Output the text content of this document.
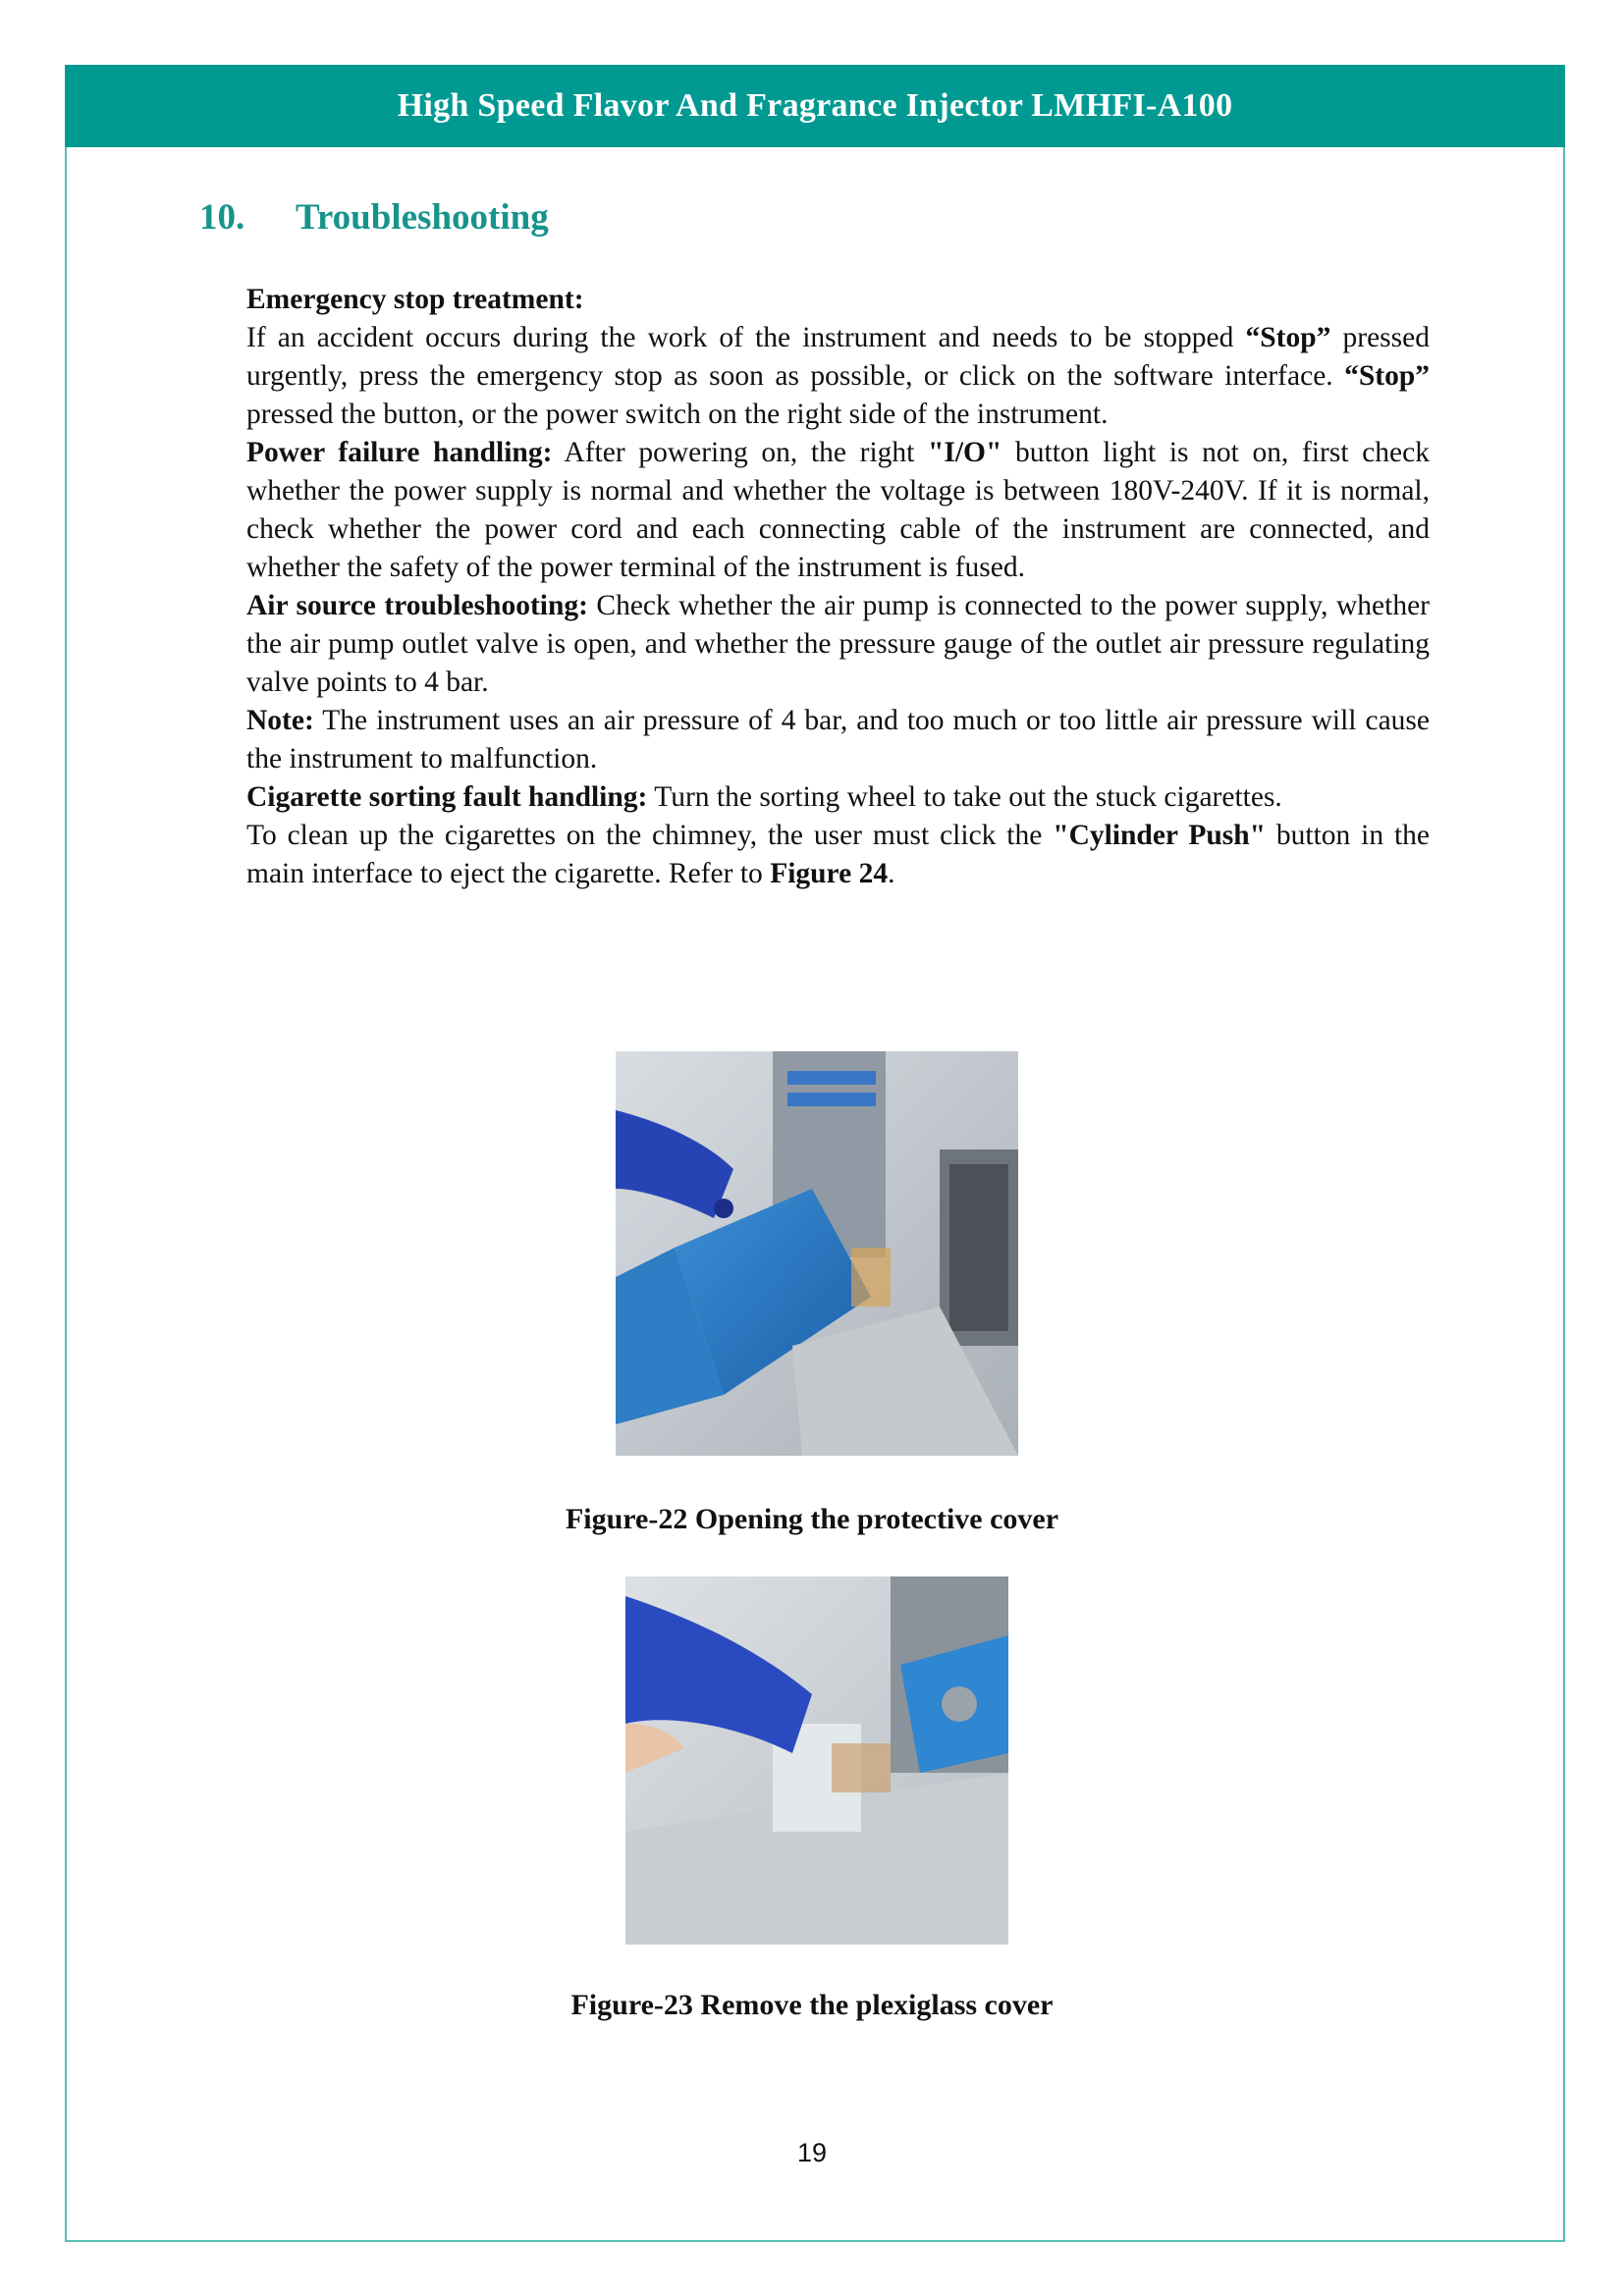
High Speed Flavor And Fragrance Injector LMHFI-A100
10. Troubleshooting

Emergency stop treatment:

If an accident occurs during the work of the instrument and needs to be stopped “Stop” pressed urgently, press the emergency stop as soon as possible, or click on the software interface. “Stop” pressed the button, or the power switch on the right side of the instrument.

Power failure handling: After powering on, the right "I/O" button light is not on, first check whether the power supply is normal and whether the voltage is between 180V-240V. If it is normal, check whether the power cord and each connecting cable of the instrument are connected, and whether the safety of the power terminal of the instrument is fused.

Air source troubleshooting: Check whether the air pump is connected to the power supply, whether the air pump outlet valve is open, and whether the pressure gauge of the outlet air pressure regulating valve points to 4 bar.

Note: The instrument uses an air pressure of 4 bar, and too much or too little air pressure will cause the instrument to malfunction.

Cigarette sorting fault handling: Turn the sorting wheel to take out the stuck cigarettes.

To clean up the cigarettes on the chimney, the user must click the "Cylinder Push" button in the main interface to eject the cigarette. Refer to Figure 24.

Figure-22 Opening the protective cover
Figure-23 Remove the plexiglass cover
19
